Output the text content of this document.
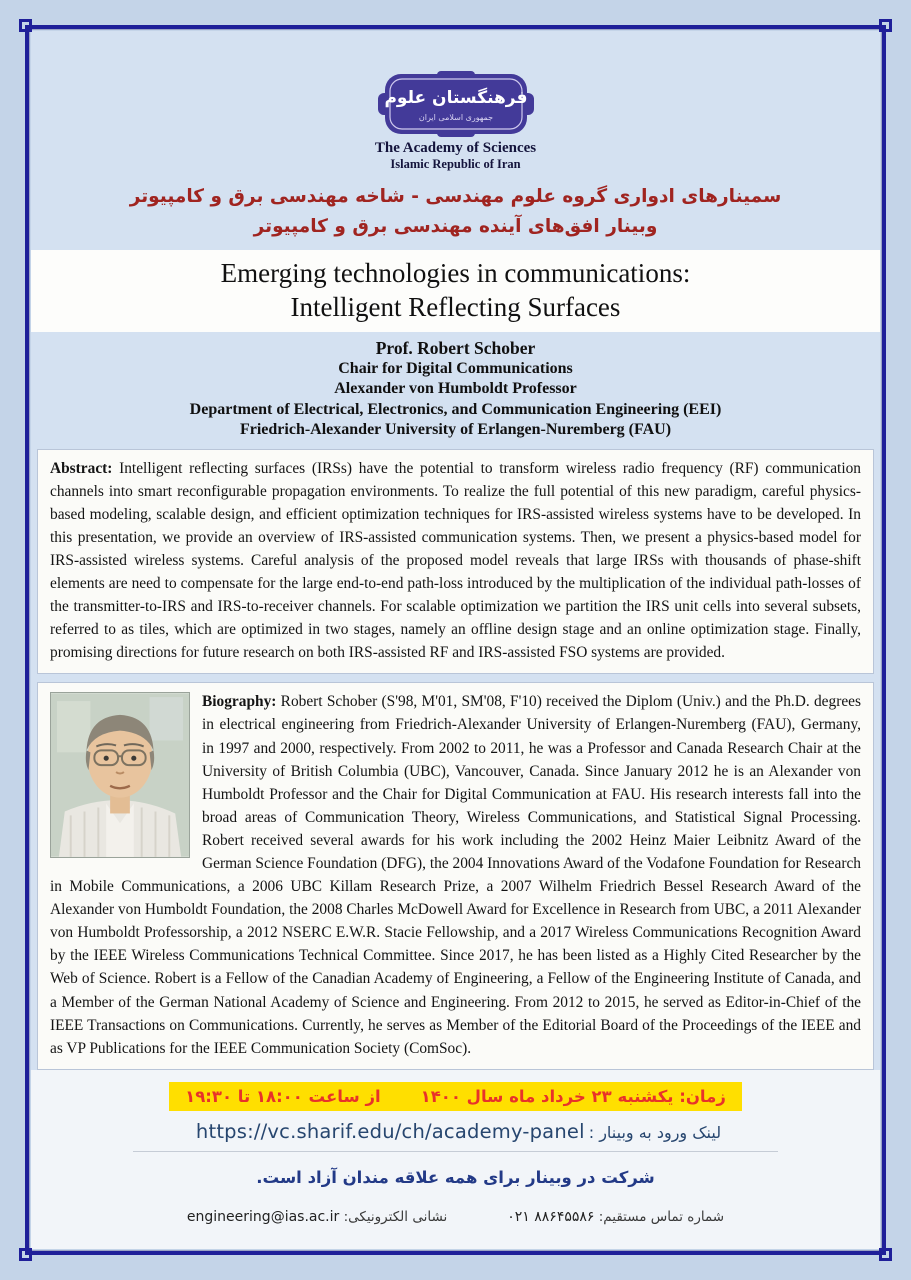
فرهنگستان علوم
جمهوری اسلامی ایران
The Academy of Sciences
Islamic Republic of Iran
سمینارهای ادواری گروه علوم مهندسی - شاخه مهندسی برق و کامپیوتر
وبینار افق‌های آینده مهندسی برق و کامپیوتر
Emerging technologies in communications:
Intelligent Reflecting Surfaces
Prof. Robert Schober
Chair for Digital Communications
Alexander von Humboldt Professor
Department of Electrical, Electronics, and Communication Engineering (EEI)
Friedrich-Alexander University of Erlangen-Nuremberg (FAU)
Abstract: Intelligent reflecting surfaces (IRSs) have the potential to transform wireless radio frequency (RF) communication channels into smart reconfigurable propagation environments. To realize the full potential of this new paradigm, careful physics-based modeling, scalable design, and efficient optimization techniques for IRS-assisted wireless systems have to be developed. In this presentation, we provide an overview of IRS-assisted communication systems. Then, we present a physics-based model for IRS-assisted wireless systems. Careful analysis of the proposed model reveals that large IRSs with thousands of phase-shift elements are need to compensate for the large end-to-end path-loss introduced by the multiplication of the individual path-losses of the transmitter-to-IRS and IRS-to-receiver channels. For scalable optimization we partition the IRS unit cells into several subsets, referred to as tiles, which are optimized in two stages, namely an offline design stage and an online optimization stage. Finally, promising directions for future research on both IRS-assisted RF and IRS-assisted FSO systems are provided.
Biography: Robert Schober (S'98, M'01, SM'08, F'10) received the Diplom (Univ.) and the Ph.D. degrees in electrical engineering from Friedrich-Alexander University of Erlangen-Nuremberg (FAU), Germany, in 1997 and 2000, respectively. From 2002 to 2011, he was a Professor and Canada Research Chair at the University of British Columbia (UBC), Vancouver, Canada. Since January 2012 he is an Alexander von Humboldt Professor and the Chair for Digital Communication at FAU. His research interests fall into the broad areas of Communication Theory, Wireless Communications, and Statistical Signal Processing. Robert received several awards for his work including the 2002 Heinz Maier Leibnitz Award of the German Science Foundation (DFG), the 2004 Innovations Award of the Vodafone Foundation for Research in Mobile Communications, a 2006 UBC Killam Research Prize, a 2007 Wilhelm Friedrich Bessel Research Award of the Alexander von Humboldt Foundation, the 2008 Charles McDowell Award for Excellence in Research from UBC, a 2011 Alexander von Humboldt Professorship, a 2012 NSERC E.W.R. Stacie Fellowship, and a 2017 Wireless Communications Recognition Award by the IEEE Wireless Communications Technical Committee. Since 2017, he has been listed as a Highly Cited Researcher by the Web of Science. Robert is a Fellow of the Canadian Academy of Engineering, a Fellow of the Engineering Institute of Canada, and a Member of the German National Academy of Science and Engineering. From 2012 to 2015, he served as Editor-in-Chief of the IEEE Transactions on Communications. Currently, he serves as Member of the Editorial Board of the Proceedings of the IEEE and as VP Publications for the IEEE Communication Society (ComSoc).
زمان: یکشنبه ۲۳ خرداد ماه سال ۱۴۰۰از ساعت ۱۸:۰۰ تا ۱۹:۳۰
لینک ورود به وبینار : https://vc.sharif.edu/ch/academy-panel
شرکت در وبینار برای همه علاقه مندان آزاد است.
شماره تماس مستقیم: ۰۲۱ ۸۸۶۴۵۵۸۶نشانی الکترونیکی: engineering@ias.ac.ir
